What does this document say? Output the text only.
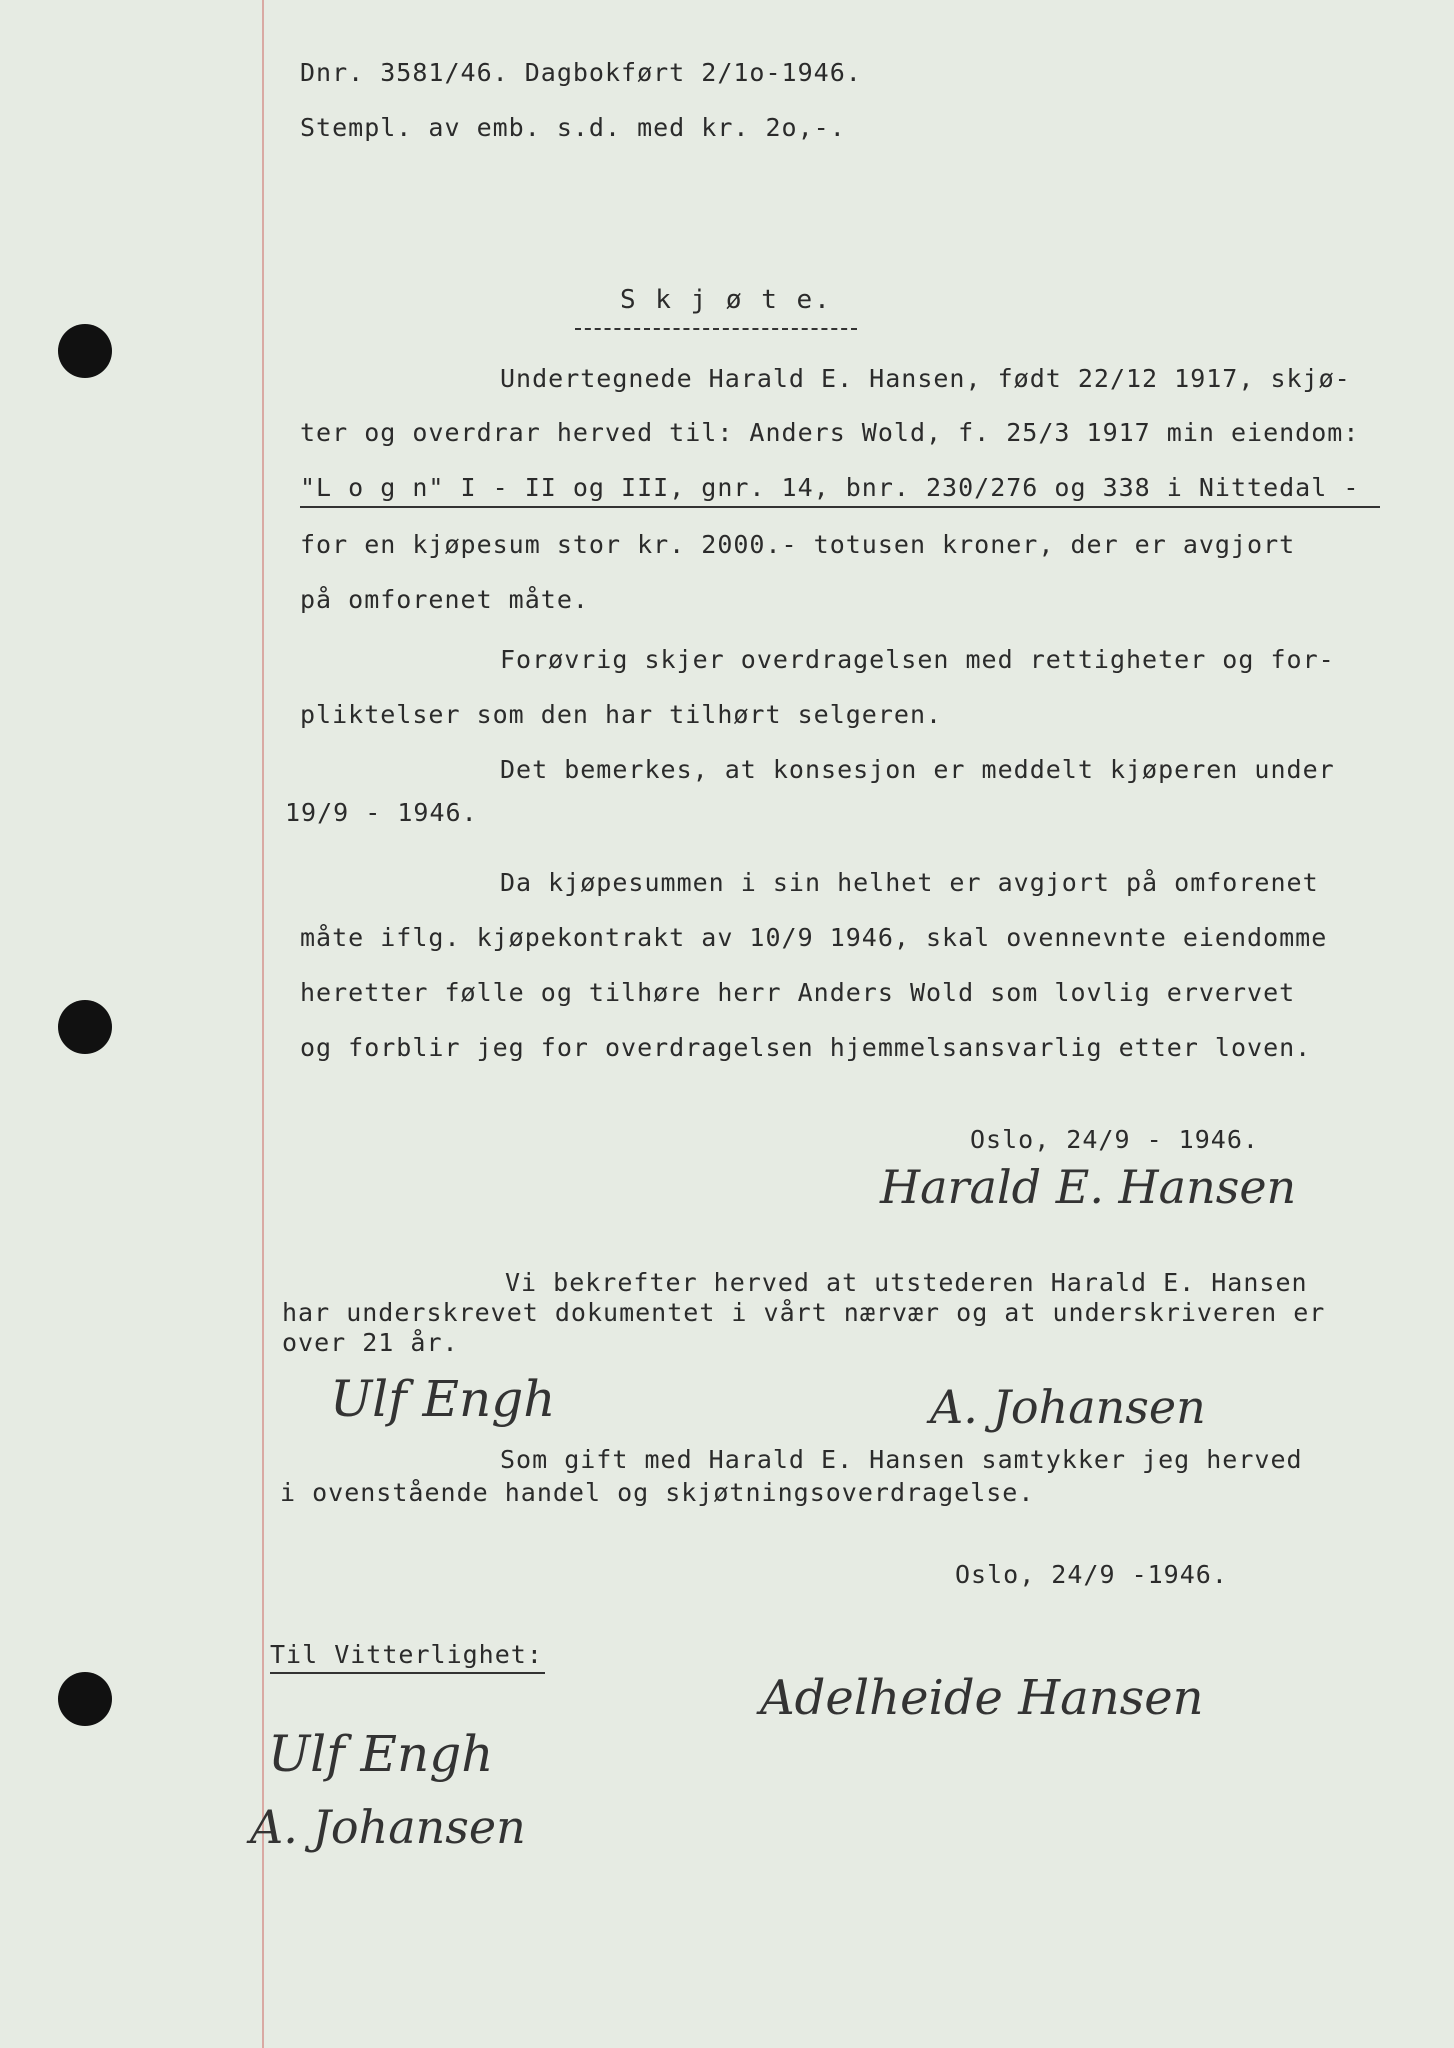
Dnr. 3581/46. Dagbokført 2/1o-1946.
Stempl. av emb. s.d. med kr. 2o,-.
S k j ø t e.
Undertegnede Harald E. Hansen, født 22/12 1917, skjø-
ter og overdrar herved til: Anders Wold, f. 25/3 1917 min eiendom:
"L o g n" I - II og III, gnr. 14, bnr. 230/276 og 338 i Nittedal -
for en kjøpesum stor kr. 2000.- totusen kroner, der er avgjort
på omforenet måte.
Forøvrig skjer overdragelsen med rettigheter og for-
pliktelser som den har tilhørt selgeren.
Det bemerkes, at konsesjon er meddelt kjøperen under
19/9 - 1946.
Da kjøpesummen i sin helhet er avgjort på omforenet
måte iflg. kjøpekontrakt av 10/9 1946, skal ovennevnte eiendomme
heretter følle og tilhøre herr Anders Wold som lovlig ervervet
og forblir jeg for overdragelsen hjemmelsansvarlig etter loven.
Oslo, 24/9 - 1946.
Harald E. Hansen
Vi bekrefter herved at utstederen Harald E. Hansen
har underskrevet dokumentet i vårt nærvær og at underskriveren er
over 21 år.
Ulf Engh	A. Johansen
Som gift med Harald E. Hansen samtykker jeg herved
i ovenstående handel og skjøtningsoverdragelse.
Oslo, 24/9 -1946.
Til Vitterlighet:
Adelheide Hansen
Ulf Engh
A. Johansen
